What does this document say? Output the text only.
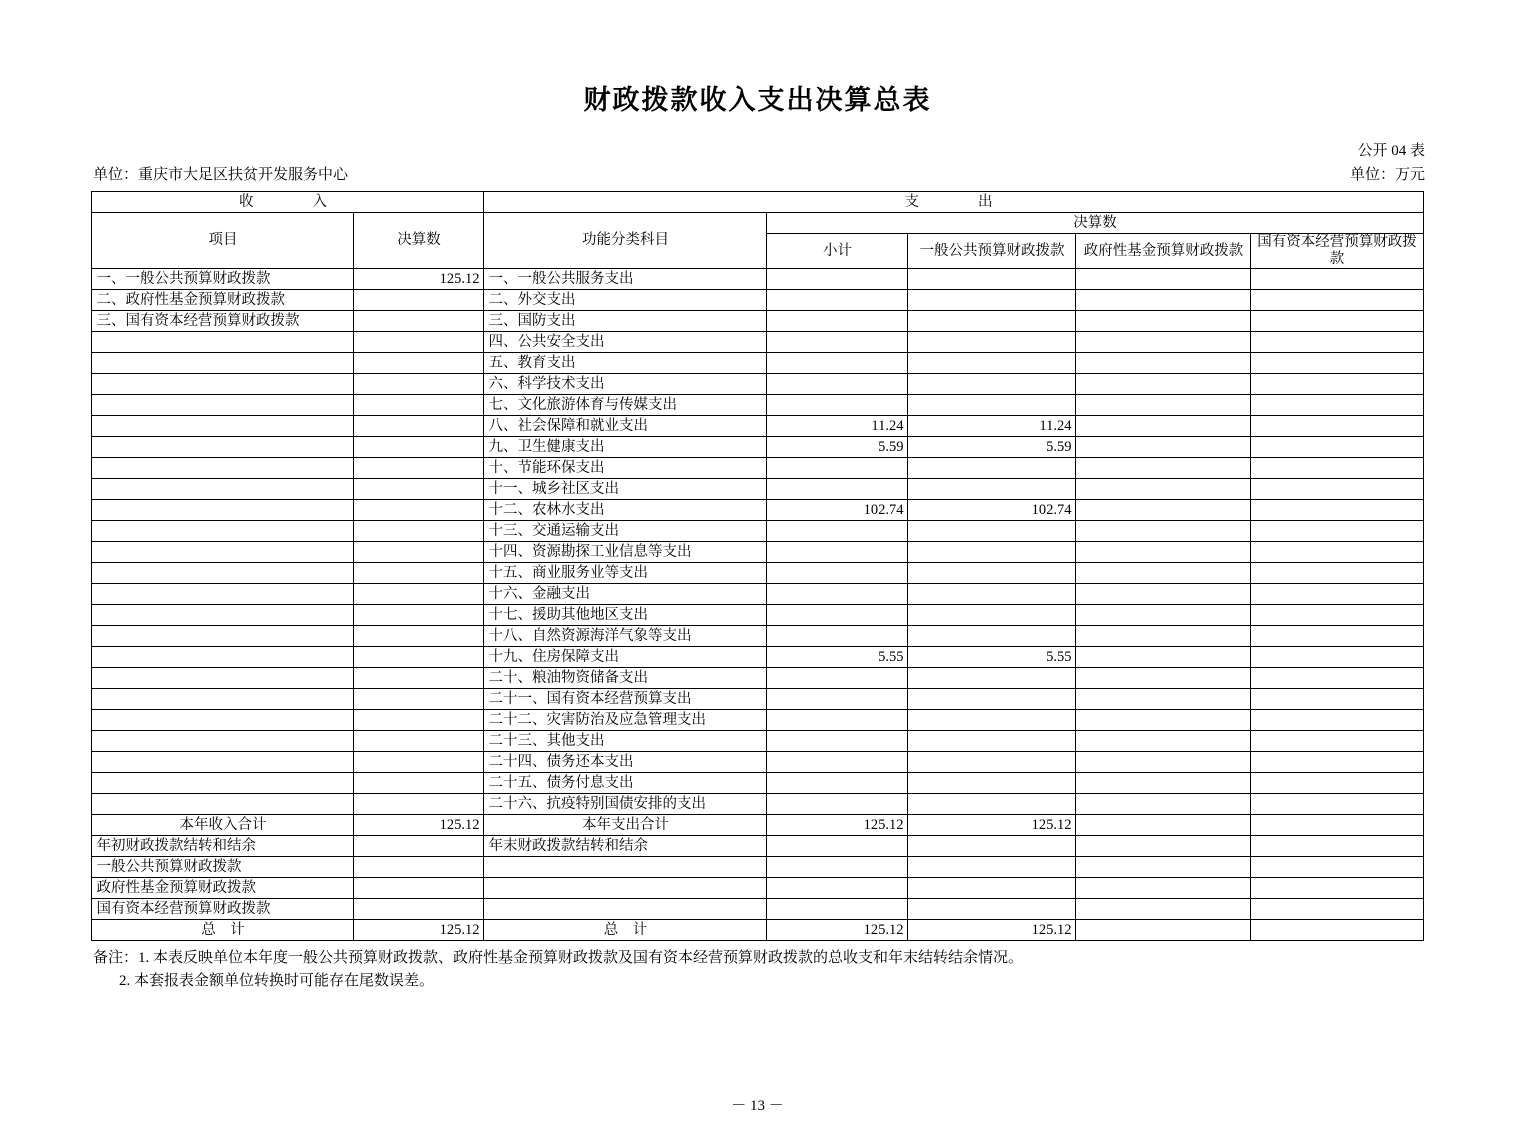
财政拨款收入支出决算总表
公开 04 表
单位：重庆市大足区扶贫开发服务中心	单位：万元
收　　入		支　　出				
项目	决算数	功能分类科目	决算数			
			小计	一般公共预算财政拨款	政府性基金预算财政拨款	国有资本经营预算财政拨款
一、一般公共预算财政拨款	125.12	一、一般公共服务支出				
二、政府性基金预算财政拨款		二、外交支出				
三、国有资本经营预算财政拨款		三、国防支出				
		四、公共安全支出				
		五、教育支出				
		六、科学技术支出				
		七、文化旅游体育与传媒支出				
		八、社会保障和就业支出	11.24	11.24		
		九、卫生健康支出	5.59	5.59		
		十、节能环保支出				
		十一、城乡社区支出				
		十二、农林水支出	102.74	102.74		
		十三、交通运输支出				
		十四、资源勘探工业信息等支出				
		十五、商业服务业等支出				
		十六、金融支出				
		十七、援助其他地区支出				
		十八、自然资源海洋气象等支出				
		十九、住房保障支出	5.55	5.55		
		二十、粮油物资储备支出				
		二十一、国有资本经营预算支出				
		二十二、灾害防治及应急管理支出				
		二十三、其他支出				
		二十四、债务还本支出				
		二十五、债务付息支出				
		二十六、抗疫特别国债安排的支出				
本年收入合计	125.12	本年支出合计	125.12	125.12		
年初财政拨款结转和结余		年末财政拨款结转和结余				
一般公共预算财政拨款						
政府性基金预算财政拨款						
国有资本经营预算财政拨款						
总　计	125.12	总　计	125.12	125.12		
备注：1. 本表反映单位本年度一般公共预算财政拨款、政府性基金预算财政拨款及国有资本经营预算财政拨款的总收支和年末结转结余情况。
2. 本套报表金额单位转换时可能存在尾数误差。
－ 13 －
